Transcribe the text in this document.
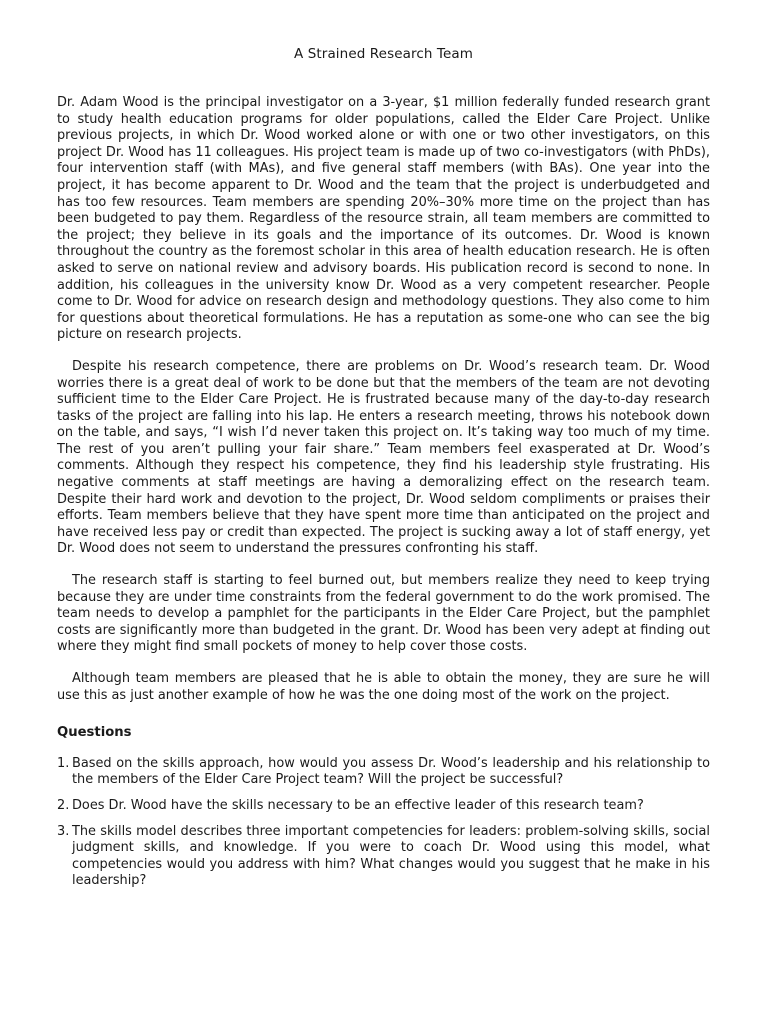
A Strained Research Team

Dr. Adam Wood is the principal investigator on a 3-year, $1 million federally funded research grant to study health education programs for older populations, called the Elder Care Project. Unlike previous projects, in which Dr. Wood worked alone or with one or two other investigators, on this project Dr. Wood has 11 colleagues. His project team is made up of two co-investigators (with PhDs), four intervention staff (with MAs), and five general staff members (with BAs). One year into the project, it has become apparent to Dr. Wood and the team that the project is underbudgeted and has too few resources. Team members are spending 20%–30% more time on the project than has been budgeted to pay them. Regardless of the resource strain, all team members are committed to the project; they believe in its goals and the importance of its outcomes. Dr. Wood is known throughout the country as the foremost scholar in this area of health education research. He is often asked to serve on national review and advisory boards. His publication record is second to none. In addition, his colleagues in the university know Dr. Wood as a very competent researcher. People come to Dr. Wood for advice on research design and methodology questions. They also come to him for questions about theoretical formulations. He has a reputation as some-one who can see the big picture on research projects.

Despite his research competence, there are problems on Dr. Wood’s research team. Dr. Wood worries there is a great deal of work to be done but that the members of the team are not devoting sufficient time to the Elder Care Project. He is frustrated because many of the day-to-day research tasks of the project are falling into his lap. He enters a research meeting, throws his notebook down on the table, and says, “I wish I’d never taken this project on. It’s taking way too much of my time. The rest of you aren’t pulling your fair share.” Team members feel exasperated at Dr. Wood’s comments. Although they respect his competence, they find his leadership style frustrating. His negative comments at staff meetings are having a demoralizing effect on the research team. Despite their hard work and devotion to the project, Dr. Wood seldom compliments or praises their efforts. Team members believe that they have spent more time than anticipated on the project and have received less pay or credit than expected. The project is sucking away a lot of staff energy, yet Dr. Wood does not seem to understand the pressures confronting his staff.

The research staff is starting to feel burned out, but members realize they need to keep trying because they are under time constraints from the federal government to do the work promised. The team needs to develop a pamphlet for the participants in the Elder Care Project, but the pamphlet costs are significantly more than budgeted in the grant. Dr. Wood has been very adept at finding out where they might find small pockets of money to help cover those costs.

Although team members are pleased that he is able to obtain the money, they are sure he will use this as just another example of how he was the one doing most of the work on the project.

Questions
1. Based on the skills approach, how would you assess Dr. Wood’s leadership and his relationship to the members of the Elder Care Project team? Will the project be successful?
2. Does Dr. Wood have the skills necessary to be an effective leader of this research team?
3. The skills model describes three important competencies for leaders: problem-solving skills, social judgment skills, and knowledge. If you were to coach Dr. Wood using this model, what competencies would you address with him? What changes would you suggest that he make in his leadership?
